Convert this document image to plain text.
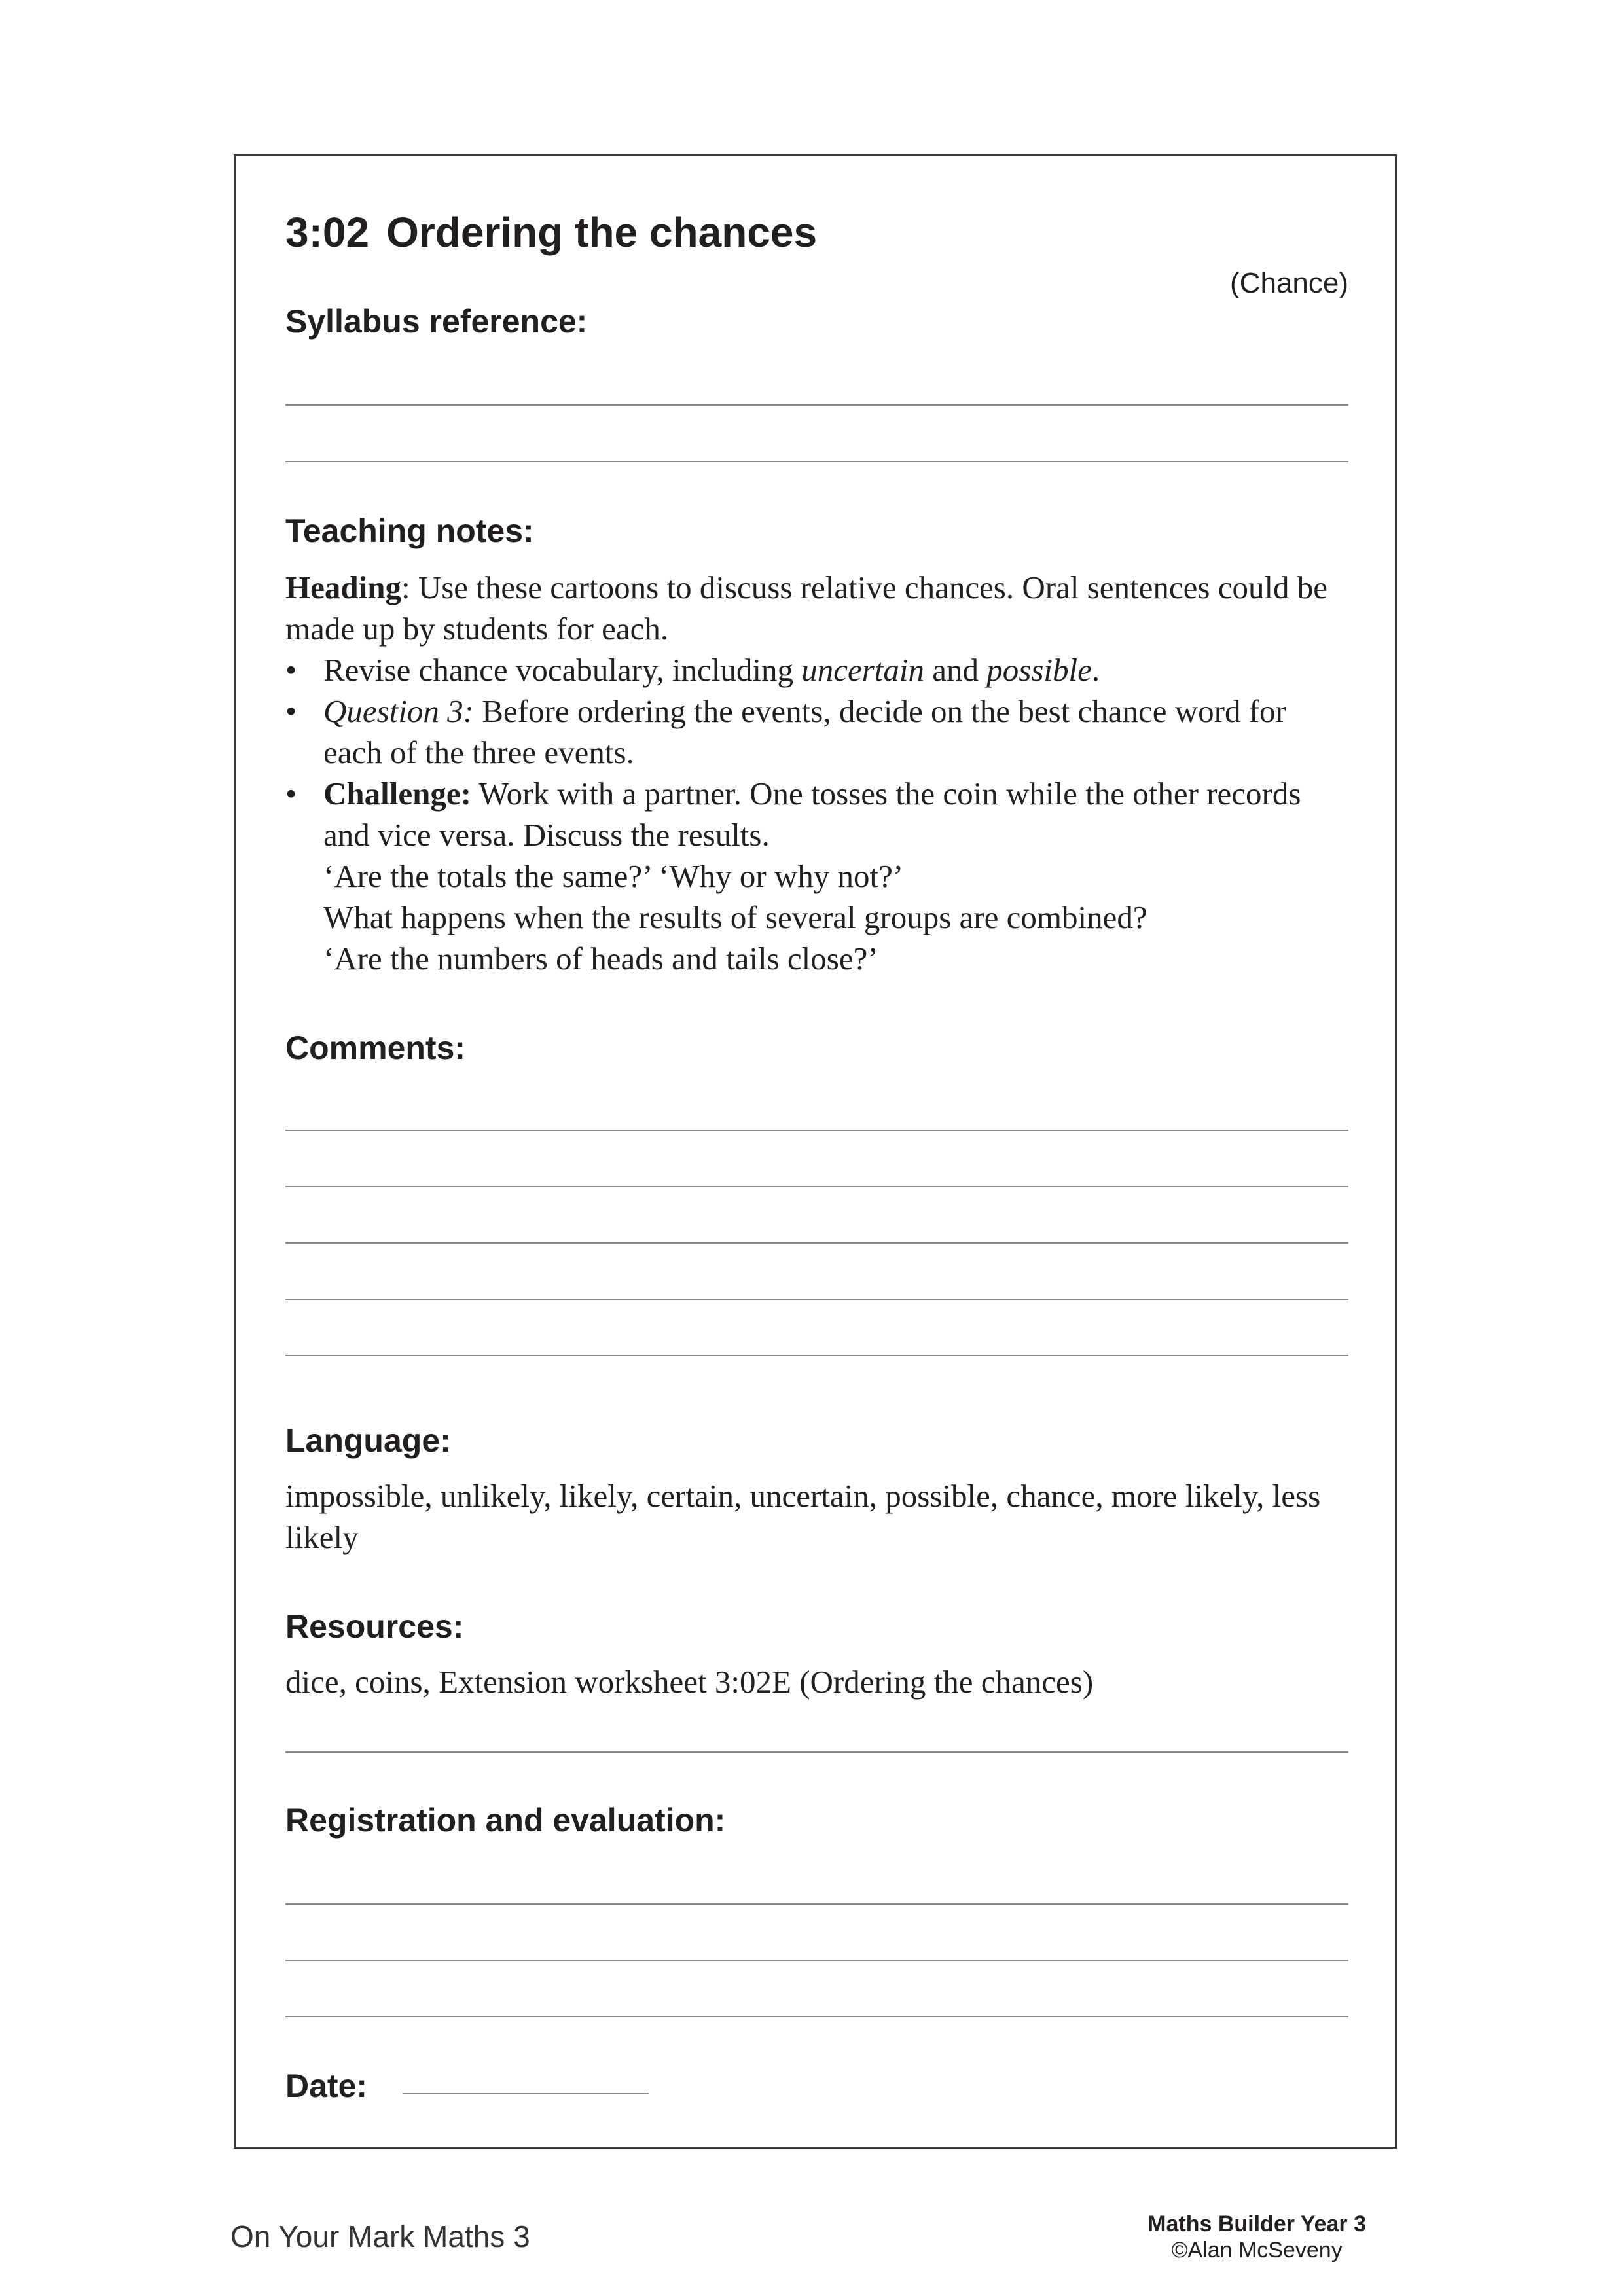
3:02 Ordering the chances
(Chance)
Syllabus reference:
Teaching notes:

Heading: Use these cartoons to discuss relative chances. Oral sentences could be made up by students for each.

• Revise chance vocabulary, including uncertain and possible.
• Question 3: Before ordering the events, decide on the best chance word for each of the three events.
• Challenge: Work with a partner. One tosses the coin while the other records and vice versa. Discuss the results.

‘Are the totals the same?’ ‘Why or why not?’

What happens when the results of several groups are combined?

‘Are the numbers of heads and tails close?’

Comments:
Language:
impossible, unlikely, likely, certain, uncertain, possible, chance, more likely, less likely
Resources:
dice, coins, Extension worksheet 3:02E (Ordering the chances)
Registration and evaluation:
Date:
On Your Mark Maths 3	Maths Builder Year 3
©Alan McSeveny
